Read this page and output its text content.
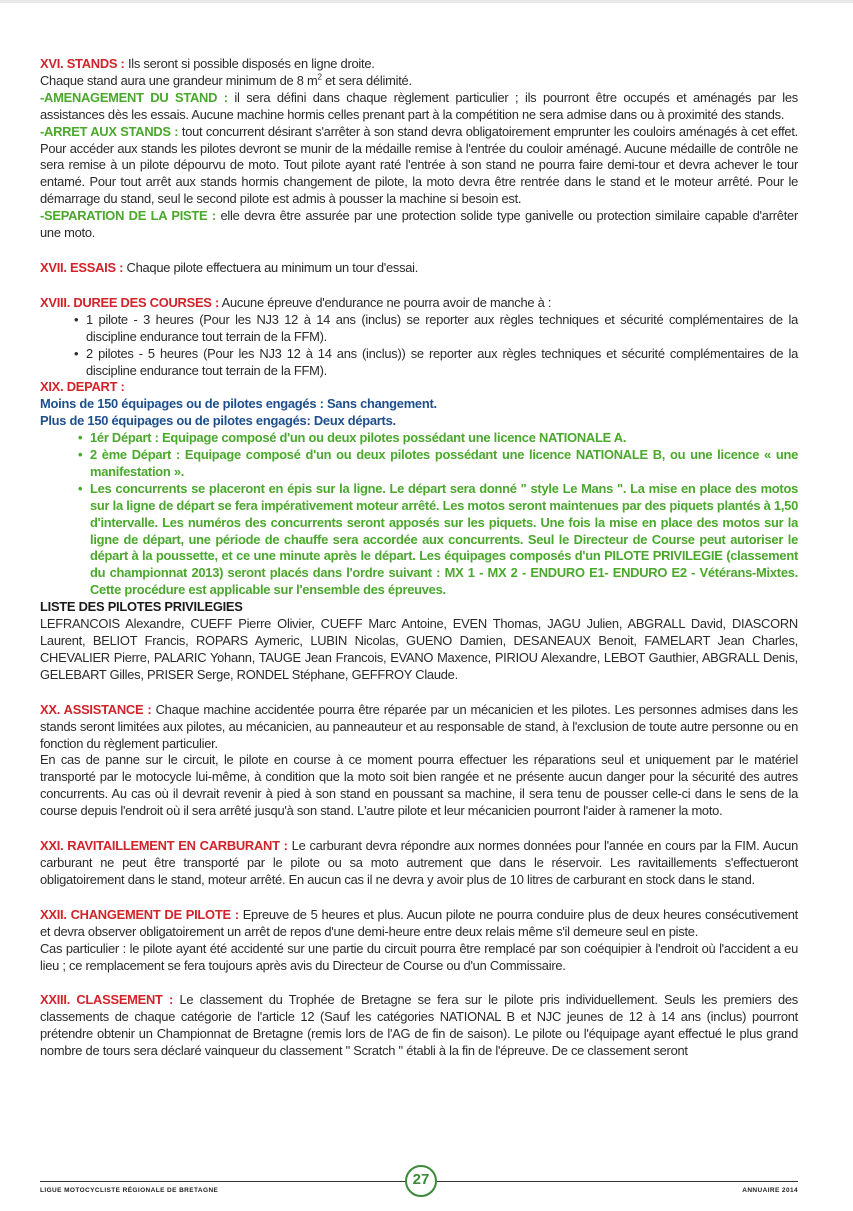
XVI. STANDS : Ils seront si possible disposés en ligne droite.

Chaque stand aura une grandeur minimum de 8 $m^2$ et sera délimité.

-AMENAGEMENT DU STAND : il sera défini dans chaque règlement particulier ; ils pourront être occupés et aménagés par les assistances dès les essais. Aucune machine hormis celles prenant part à la compétition ne sera admise dans ou à proximité des stands.

-ARRET AUX STANDS : tout concurrent désirant s'arrêter à son stand devra obligatoirement emprunter les couloirs aménagés à cet effet. Pour accéder aux stands les pilotes devront se munir de la médaille remise à l'entrée du couloir aménagé. Aucune médaille de contrôle ne sera remise à un pilote dépourvu de moto. Tout pilote ayant raté l'entrée à son stand ne pourra faire demi-tour et devra achever le tour entamé. Pour tout arrêt aux stands hormis changement de pilote, la moto devra être rentrée dans le stand et le moteur arrêté. Pour le démarrage du stand, seul le second pilote est admis à pousser la machine si besoin est.

-SEPARATION DE LA PISTE : elle devra être assurée par une protection solide type ganivelle ou protection similaire capable d'arrêter une moto.

XVII. ESSAIS : Chaque pilote effectuera au minimum un tour d'essai.

XVIII. DUREE DES COURSES : Aucune épreuve d'endurance ne pourra avoir de manche à :

• 1 pilote - 3 heures (Pour les NJ3 12 à 14 ans (inclus) se reporter aux règles techniques et sécurité complémentaires de la discipline endurance tout terrain de la FFM).
• 2 pilotes - 5 heures (Pour les NJ3 12 à 14 ans (inclus)) se reporter aux règles techniques et sécurité complémentaires de la discipline endurance tout terrain de la FFM).

XIX. DEPART :

Moins de 150 équipages ou de pilotes engagés : Sans changement.

Plus de 150 équipages ou de pilotes engagés: Deux départs.

• 1ér Départ : Equipage composé d'un ou deux pilotes possédant une licence NATIONALE A.
• 2 ème Départ : Equipage composé d'un ou deux pilotes possédant une licence NATIONALE B, ou une licence « une manifestation ».
• Les concurrents se placeront en épis sur la ligne. Le départ sera donné " style Le Mans ". La mise en place des motos sur la ligne de départ se fera impérativement moteur arrêté. Les motos seront maintenues par des piquets plantés à 1,50 d'intervalle. Les numéros des concurrents seront apposés sur les piquets. Une fois la mise en place des motos sur la ligne de départ, une période de chauffe sera accordée aux concurrents. Seul le Directeur de Course peut autoriser le départ à la poussette, et ce une minute après le départ. Les équipages composés d'un PILOTE PRIVILEGIE (classement du championnat 2013) seront placés dans l'ordre suivant : MX 1 - MX 2 - ENDURO E1- ENDURO E2 - Vétérans-Mixtes. Cette procédure est applicable sur l'ensemble des épreuves.

LISTE DES PILOTES PRIVILEGIES

LEFRANCOIS Alexandre, CUEFF Pierre Olivier, CUEFF Marc Antoine, EVEN Thomas, JAGU Julien, ABGRALL David, DIASCORN Laurent, BELIOT Francis, ROPARS Aymeric, LUBIN Nicolas, GUENO Damien, DESANEAUX Benoit, FAMELART Jean Charles, CHEVALIER Pierre, PALARIC Yohann, TAUGE Jean Francois, EVANO Maxence, PIRIOU Alexandre, LEBOT Gauthier, ABGRALL Denis, GELEBART Gilles, PRISER Serge, RONDEL Stéphane, GEFFROY Claude.

XX. ASSISTANCE : Chaque machine accidentée pourra être réparée par un mécanicien et les pilotes. Les personnes admises dans les stands seront limitées aux pilotes, au mécanicien, au panneauteur et au responsable de stand, à l'exclusion de toute autre personne ou en fonction du règlement particulier.

En cas de panne sur le circuit, le pilote en course à ce moment pourra effectuer les réparations seul et uniquement par le matériel transporté par le motocycle lui-même, à condition que la moto soit bien rangée et ne présente aucun danger pour la sécurité des autres concurrents. Au cas où il devrait revenir à pied à son stand en poussant sa machine, il sera tenu de pousser celle-ci dans le sens de la course depuis l'endroit où il sera arrêté jusqu'à son stand. L'autre pilote et leur mécanicien pourront l'aider à ramener la moto.

XXI. RAVITAILLEMENT EN CARBURANT : Le carburant devra répondre aux normes données pour l'année en cours par la FIM. Aucun carburant ne peut être transporté par le pilote ou sa moto autrement que dans le réservoir. Les ravitaillements s'effectueront obligatoirement dans le stand, moteur arrêté. En aucun cas il ne devra y avoir plus de 10 litres de carburant en stock dans le stand.

XXII. CHANGEMENT DE PILOTE : Epreuve de 5 heures et plus. Aucun pilote ne pourra conduire plus de deux heures consécutivement et devra observer obligatoirement un arrêt de repos d'une demi-heure entre deux relais même s'il demeure seul en piste.

Cas particulier : le pilote ayant été accidenté sur une partie du circuit pourra être remplacé par son coéquipier à l'endroit où l'accident a eu lieu ; ce remplacement se fera toujours après avis du Directeur de Course ou d'un Commissaire.

XXIII. CLASSEMENT : Le classement du Trophée de Bretagne se fera sur le pilote pris individuellement. Seuls les premiers des classements de chaque catégorie de l'article 12 (Sauf les catégories NATIONAL B et NJC jeunes de 12 à 14 ans (inclus) pourront prétendre obtenir un Championnat de Bretagne (remis lors de l'AG de fin de saison). Le pilote ou l'équipage ayant effectué le plus grand nombre de tours sera déclaré vainqueur du classement " Scratch " établi à la fin de l'épreuve. De ce classement seront

LIGUE MOTOCYCLISTE RÉGIONALE DE BRETAGNE
27
ANNUAIRE 2014
